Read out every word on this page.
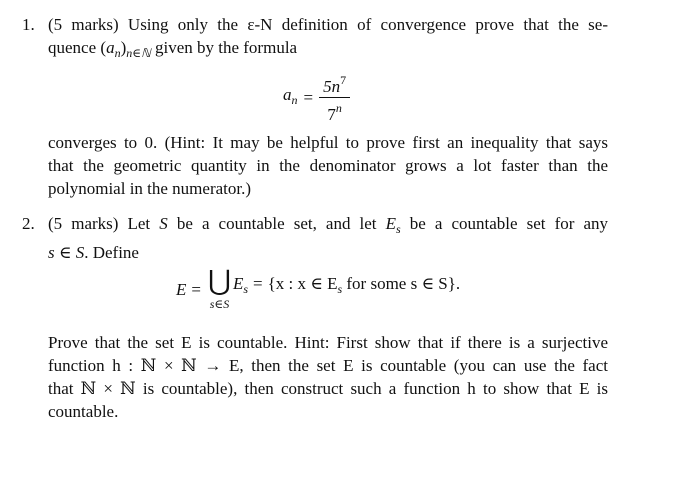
1. (5 marks) Using only the ε-N definition of convergence prove that the se-
quence $(a_n)_{n\in ℕ}$ given by the formula
$a_n = \frac{5n^7}{7^n}$
converges to 0. (Hint: It may be helpful to prove first an inequality that says
that the geometric quantity in the denominator grows a lot faster than the
polynomial in the numerator.)
2. (5 marks) Let S be a countable set, and let $E_s$ be a countable set for any
s ∈ S. Define
E = ⋃
s∈S
$E_s = \{x$ : x ∈ $E_s$ for some s ∈ S}.
Prove that the set E is countable. Hint: First show that if there is a surjective
function h : ℕ × ℕ → E, then the set E is countable (you can use the fact
that ℕ × ℕ is countable), then construct such a function h to show that E is
countable.
